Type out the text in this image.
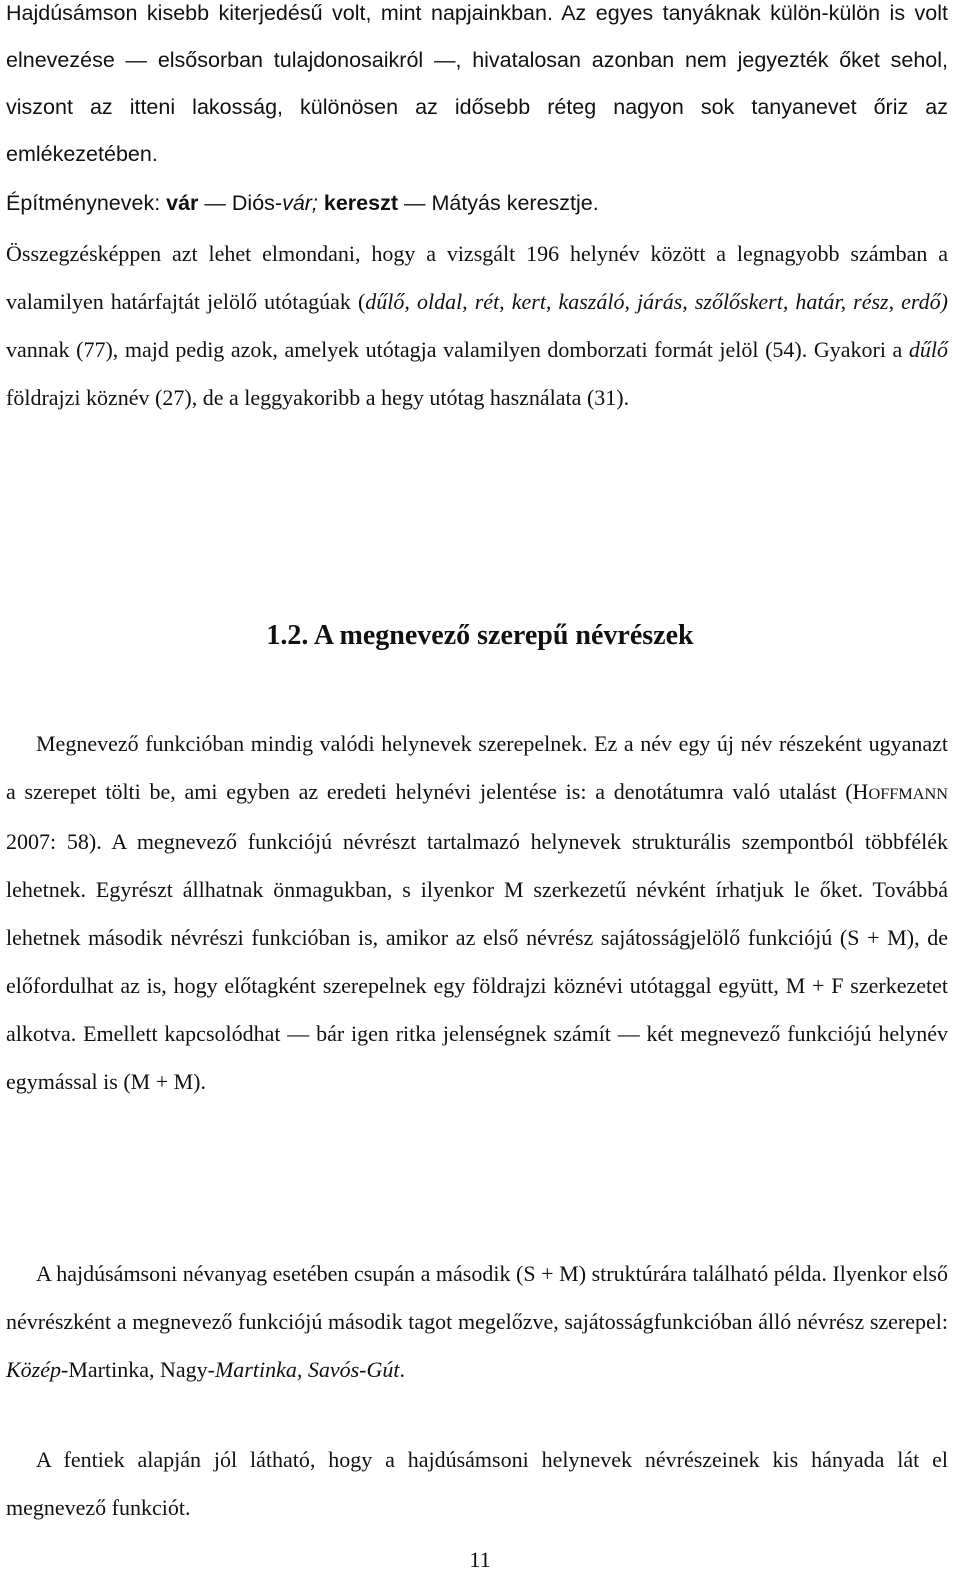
Hajdúsámson kisebb kiterjedésű volt, mint napjainkban. Az egyes tanyáknak külön-külön is volt elnevezése — elsősorban tulajdonosaikról —, hivatalosan azonban nem jegyezték őket sehol, viszont az itteni lakosság, különösen az idősebb réteg nagyon sok tanyanevet őriz az emlékezetében.

Építménynevek: vár — Diós-vár; kereszt — Mátyás keresztje.

Összegzésképpen azt lehet elmondani, hogy a vizsgált 196 helynév között a legnagyobb számban a valamilyen határfajtát jelölő utótagúak (dűlő, oldal, rét, kert, kaszáló, járás, szőlőskert, határ, rész, erdő) vannak (77), majd pedig azok, amelyek utótagja valamilyen domborzati formát jelöl (54). Gyakori a dűlő földrajzi köznév (27), de a leggyakoribb a hegy utótag használata (31).

1.2. A megnevező szerepű névrészek

Megnevező funkcióban mindig valódi helynevek szerepelnek. Ez a név egy új név részeként ugyanazt a szerepet tölti be, ami egyben az eredeti helynévi jelentése is: a denotátumra való utalást (HOFFMANN 2007: 58). A megnevező funkciójú névrészt tartalmazó helynevek strukturális szempontból többfélék lehetnek. Egyrészt állhatnak önmagukban, s ilyenkor M szerkezetű névként írhatjuk le őket. Továbbá lehetnek második névrészi funkcióban is, amikor az első névrész sajátosságjelölő funkciójú (S + M), de előfordulhat az is, hogy előtagként szerepelnek egy földrajzi köznévi utótaggal együtt, M + F szerkezetet alkotva. Emellett kapcsolódhat — bár igen ritka jelenségnek számít — két megnevező funkciójú helynév egymással is (M + M).

A hajdúsámsoni névanyag esetében csupán a második (S + M) struktúrára található példa. Ilyenkor első névrészként a megnevező funkciójú második tagot megelőzve, sajátosságfunkcióban álló névrész szerepel: Közép-Martinka, Nagy-Martinka, Savós-Gút.

A fentiek alapján jól látható, hogy a hajdúsámsoni helynevek névrészeinek kis hányada lát el megnevező funkciót.

11
